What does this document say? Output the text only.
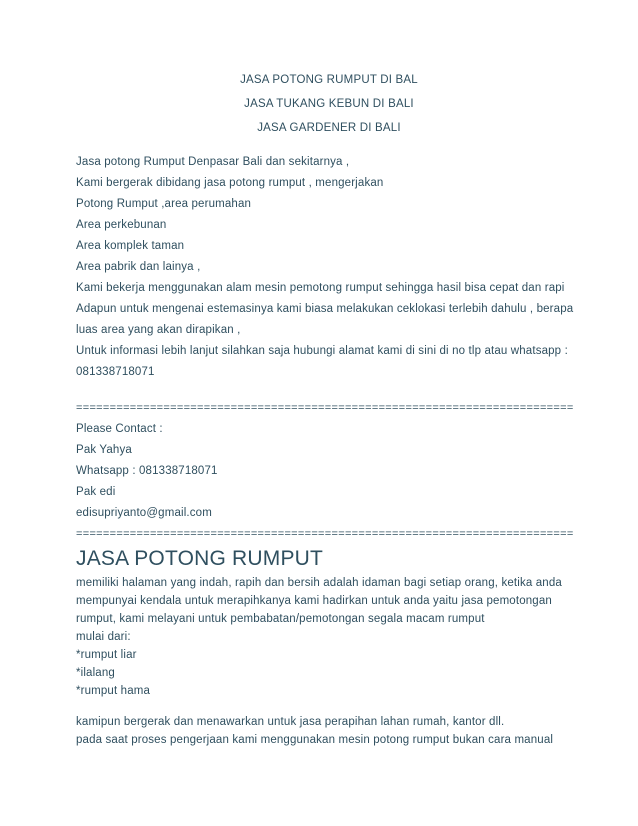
JASA POTONG RUMPUT DI BAL
JASA TUKANG KEBUN DI BALI
JASA GARDENER DI BALI
Jasa potong Rumput Denpasar Bali dan sekitarnya ,
Kami bergerak dibidang jasa potong rumput , mengerjakan
Potong Rumput ,area perumahan
Area perkebunan
Area komplek taman
Area pabrik dan lainya ,
Kami bekerja menggunakan alam mesin pemotong rumput sehingga hasil bisa cepat dan rapi
Adapun untuk mengenai estemasinya kami biasa melakukan ceklokasi terlebih dahulu , berapa
luas area yang akan dirapikan ,
Untuk informasi lebih lanjut silahkan saja hubungi alamat kami di sini di no tlp atau whatsapp :
081338718071
==========================================================================
Please Contact :
Pak Yahya
Whatsapp : 081338718071
Pak edi
edisupriyanto@gmail.com
==========================================================================
JASA POTONG RUMPUT
memiliki halaman yang indah, rapih dan bersih adalah idaman bagi setiap orang, ketika anda
mempunyai kendala untuk merapihkanya kami hadirkan untuk anda yaitu jasa pemotongan
rumput, kami melayani untuk pembabatan/pemotongan segala macam rumput
mulai dari:
*rumput liar
*ilalang
*rumput hama
kamipun bergerak dan menawarkan untuk jasa perapihan lahan rumah, kantor dll.
pada saat proses pengerjaan kami menggunakan mesin potong rumput bukan cara manual
